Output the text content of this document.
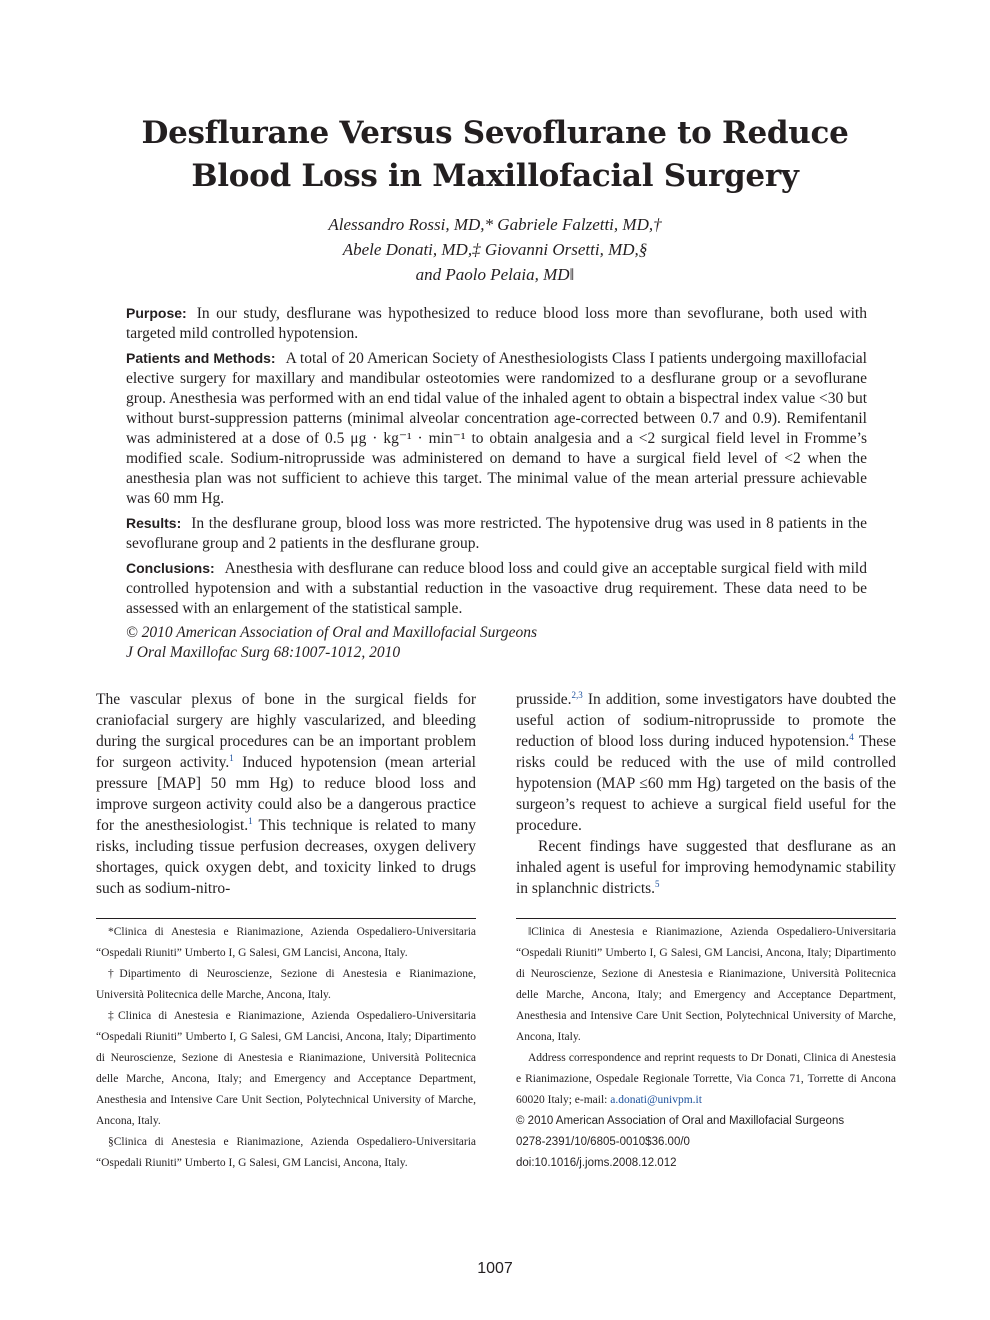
Desflurane Versus Sevoflurane to Reduce
Blood Loss in Maxillofacial Surgery
Alessandro Rossi, MD,* Gabriele Falzetti, MD,†
Abele Donati, MD,‡ Giovanni Orsetti, MD,§
and Paolo Pelaia, MD‖

Purpose: In our study, desflurane was hypothesized to reduce blood loss more than sevoflurane, both used with targeted mild controlled hypotension.

Patients and Methods: A total of 20 American Society of Anesthesiologists Class I patients undergoing maxillofacial elective surgery for maxillary and mandibular osteotomies were randomized to a desflurane group or a sevoflurane group. Anesthesia was performed with an end tidal value of the inhaled agent to obtain a bispectral index value <30 but without burst-suppression patterns (minimal alveolar concentration age-corrected between 0.7 and 0.9). Remifentanil was administered at a dose of 0.5 μg · kg⁻¹ · min⁻¹ to obtain analgesia and a <2 surgical field level in Fromme’s modified scale. Sodium-nitroprusside was administered on demand to have a surgical field level of <2 when the anesthesia plan was not sufficient to achieve this target. The minimal value of the mean arterial pressure achievable was 60 mm Hg.

Results: In the desflurane group, blood loss was more restricted. The hypotensive drug was used in 8 patients in the sevoflurane group and 2 patients in the desflurane group.

Conclusions: Anesthesia with desflurane can reduce blood loss and could give an acceptable surgical field with mild controlled hypotension and with a substantial reduction in the vasoactive drug requirement. These data need to be assessed with an enlargement of the statistical sample.

© 2010 American Association of Oral and Maxillofacial Surgeons
J Oral Maxillofac Surg 68:1007-1012, 2010

The vascular plexus of bone in the surgical fields for craniofacial surgery are highly vascularized, and bleeding during the surgical procedures can be an important problem for surgeon activity.$^1$ Induced hypotension (mean arterial pressure [MAP] 50 mm Hg) to reduce blood loss and improve surgeon activity could also be a dangerous practice for the anesthesiologist.$^1$ This technique is related to many risks, including tissue perfusion decreases, oxygen delivery shortages, quick oxygen debt, and toxicity linked to drugs such as sodium-nitro-

prusside.$^{2,3}$ In addition, some investigators have doubted the useful action of sodium-nitroprusside to promote the reduction of blood loss during induced hypotension.$^4$ These risks could be reduced with the use of mild controlled hypotension (MAP ≤60 mm Hg) targeted on the basis of the surgeon’s request to achieve a surgical field useful for the procedure.

Recent findings have suggested that desflurane as an inhaled agent is useful for improving hemodynamic stability in splanchnic districts.$^5$

*Clinica di Anestesia e Rianimazione, Azienda Ospedaliero-Universitaria “Ospedali Riuniti” Umberto I, G Salesi, GM Lancisi, Ancona, Italy.

†Dipartimento di Neuroscienze, Sezione di Anestesia e Rianimazione, Università Politecnica delle Marche, Ancona, Italy.

‡Clinica di Anestesia e Rianimazione, Azienda Ospedaliero-Universitaria “Ospedali Riuniti” Umberto I, G Salesi, GM Lancisi, Ancona, Italy; Dipartimento di Neuroscienze, Sezione di Anestesia e Rianimazione, Università Politecnica delle Marche, Ancona, Italy; and Emergency and Acceptance Department, Anesthesia and Intensive Care Unit Section, Polytechnical University of Marche, Ancona, Italy.

§Clinica di Anestesia e Rianimazione, Azienda Ospedaliero-Universitaria “Ospedali Riuniti” Umberto I, G Salesi, GM Lancisi, Ancona, Italy.

‖Clinica di Anestesia e Rianimazione, Azienda Ospedaliero-Universitaria “Ospedali Riuniti” Umberto I, G Salesi, GM Lancisi, Ancona, Italy; Dipartimento di Neuroscienze, Sezione di Anestesia e Rianimazione, Università Politecnica delle Marche, Ancona, Italy; and Emergency and Acceptance Department, Anesthesia and Intensive Care Unit Section, Polytechnical University of Marche, Ancona, Italy.

Address correspondence and reprint requests to Dr Donati, Clinica di Anestesia e Rianimazione, Ospedale Regionale Torrette, Via Conca 71, Torrette di Ancona 60020 Italy; e-mail: a.donati@univpm.it

© 2010 American Association of Oral and Maxillofacial Surgeons

0278-2391/10/6805-0010$36.00/0

doi:10.1016/j.joms.2008.12.012

1007
